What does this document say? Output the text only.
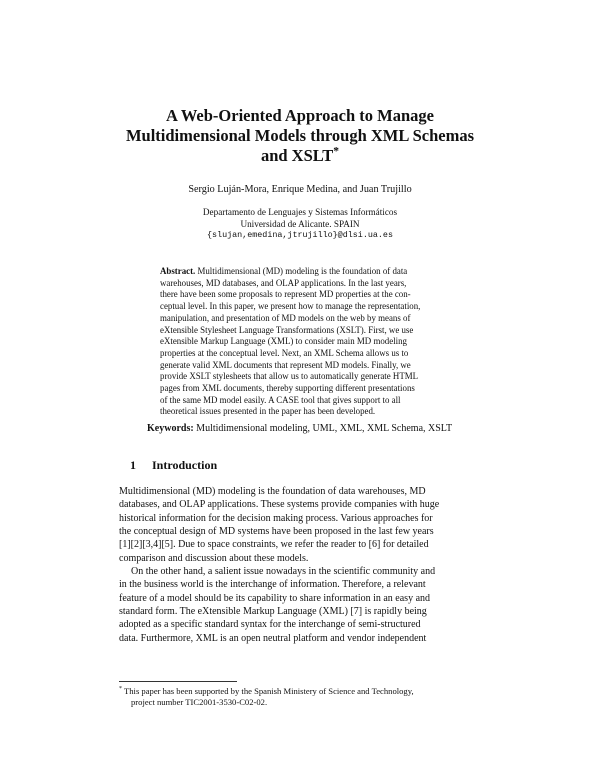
A Web-Oriented Approach to Manage
Multidimensional Models through XML Schemas
and XSLT*
Sergio Luján-Mora, Enrique Medina, and Juan Trujillo
Departamento de Lenguajes y Sistemas Informáticos
Universidad de Alicante. SPAIN
{slujan,emedina,jtrujillo}@dlsi.ua.es
Abstract. Multidimensional (MD) modeling is the foundation of data
warehouses, MD databases, and OLAP applications. In the last years,
there have been some proposals to represent MD properties at the con-
ceptual level. In this paper, we present how to manage the representation,
manipulation, and presentation of MD models on the web by means of
eXtensible Stylesheet Language Transformations (XSLT). First, we use
eXtensible Markup Language (XML) to consider main MD modeling
properties at the conceptual level. Next, an XML Schema allows us to
generate valid XML documents that represent MD models. Finally, we
provide XSLT stylesheets that allow us to automatically generate HTML
pages from XML documents, thereby supporting different presentations
of the same MD model easily. A CASE tool that gives support to all
theoretical issues presented in the paper has been developed.
Keywords: Multidimensional modeling, UML, XML, XML Schema, XSLT
1 Introduction
Multidimensional (MD) modeling is the foundation of data warehouses, MD
databases, and OLAP applications. These systems provide companies with huge
historical information for the decision making process. Various approaches for
the conceptual design of MD systems have been proposed in the last few years
[1][2][3,4][5]. Due to space constraints, we refer the reader to [6] for detailed
comparison and discussion about these models.
On the other hand, a salient issue nowadays in the scientific community and
in the business world is the interchange of information. Therefore, a relevant
feature of a model should be its capability to share information in an easy and
standard form. The eXtensible Markup Language (XML) [7] is rapidly being
adopted as a specific standard syntax for the interchange of semi-structured
data. Furthermore, XML is an open neutral platform and vendor independent
* This paper has been supported by the Spanish Ministery of Science and Technology,
project number TIC2001-3530-C02-02.
